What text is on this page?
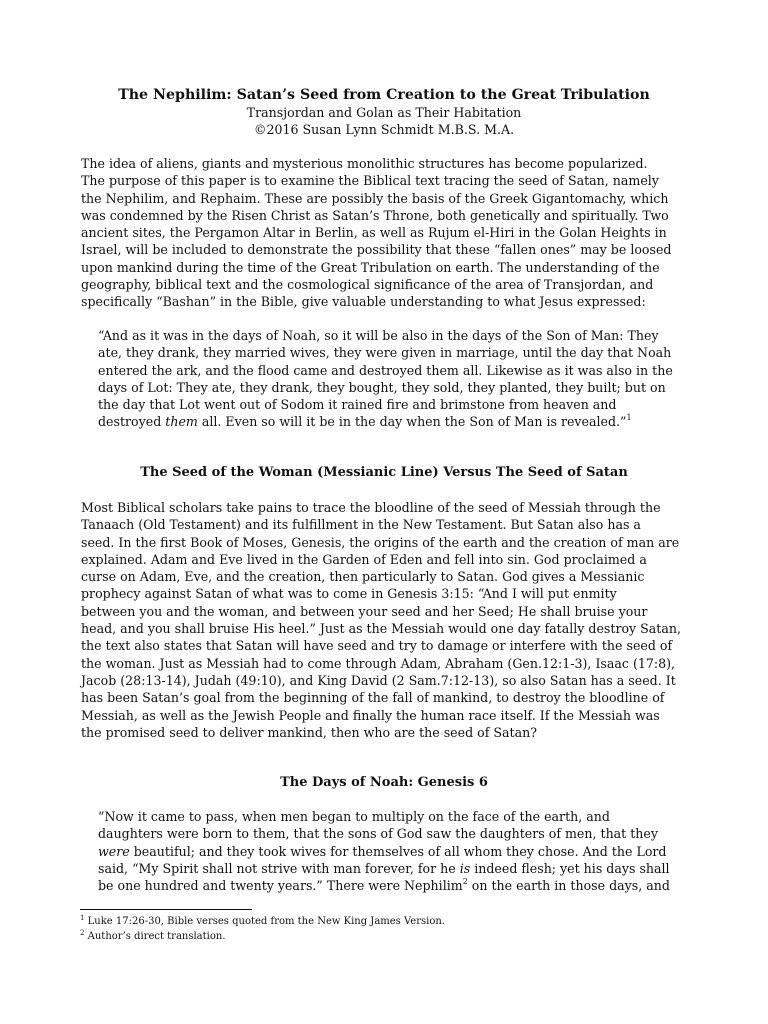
The Nephilim: Satan’s Seed from Creation to the Great Tribulation

Transjordan and Golan as Their Habitation

©2016 Susan Lynn Schmidt M.B.S. M.A.

The idea of aliens, giants and mysterious monolithic structures has become popularized.
The purpose of this paper is to examine the Biblical text tracing the seed of Satan, namely
the Nephilim, and Rephaim. These are possibly the basis of the Greek Gigantomachy, which
was condemned by the Risen Christ as Satan’s Throne, both genetically and spiritually. Two
ancient sites, the Pergamon Altar in Berlin, as well as Rujum el-Hiri in the Golan Heights in
Israel, will be included to demonstrate the possibility that these “fallen ones” may be loosed
upon mankind during the time of the Great Tribulation on earth. The understanding of the
geography, biblical text and the cosmological significance of the area of Transjordan, and
specifically “Bashan” in the Bible, give valuable understanding to what Jesus expressed:
“And as it was in the days of Noah, so it will be also in the days of the Son of Man: They
ate, they drank, they married wives, they were given in marriage, until the day that Noah
entered the ark, and the flood came and destroyed them all. Likewise as it was also in the
days of Lot: They ate, they drank, they bought, they sold, they planted, they built; but on
the day that Lot went out of Sodom it rained fire and brimstone from heaven and
destroyed them all. Even so will it be in the day when the Son of Man is revealed.”$^1$

The Seed of the Woman (Messianic Line) Versus The Seed of Satan

Most Biblical scholars take pains to trace the bloodline of the seed of Messiah through the
Tanaach (Old Testament) and its fulfillment in the New Testament. But Satan also has a
seed. In the first Book of Moses, Genesis, the origins of the earth and the creation of man are
explained. Adam and Eve lived in the Garden of Eden and fell into sin. God proclaimed a
curse on Adam, Eve, and the creation, then particularly to Satan. God gives a Messianic
prophecy against Satan of what was to come in Genesis 3:15: “And I will put enmity
between you and the woman, and between your seed and her Seed; He shall bruise your
head, and you shall bruise His heel.” Just as the Messiah would one day fatally destroy Satan,
the text also states that Satan will have seed and try to damage or interfere with the seed of
the woman. Just as Messiah had to come through Adam, Abraham (Gen.12:1-3), Isaac (17:8),
Jacob (28:13-14), Judah (49:10), and King David (2 Sam.7:12-13), so also Satan has a seed. It
has been Satan’s goal from the beginning of the fall of mankind, to destroy the bloodline of
Messiah, as well as the Jewish People and finally the human race itself. If the Messiah was
the promised seed to deliver mankind, then who are the seed of Satan?

The Days of Noah: Genesis 6

“Now it came to pass, when men began to multiply on the face of the earth, and
daughters were born to them, that the sons of God saw the daughters of men, that they
were beautiful; and they took wives for themselves of all whom they chose. And the Lord
said, “My Spirit shall not strive with man forever, for he is indeed flesh; yet his days shall
be one hundred and twenty years.” There were Nephilim$^2$ on the earth in those days, and
$^1$ Luke 17:26-30, Bible verses quoted from the New King James Version.
$^2$ Author’s direct translation.
